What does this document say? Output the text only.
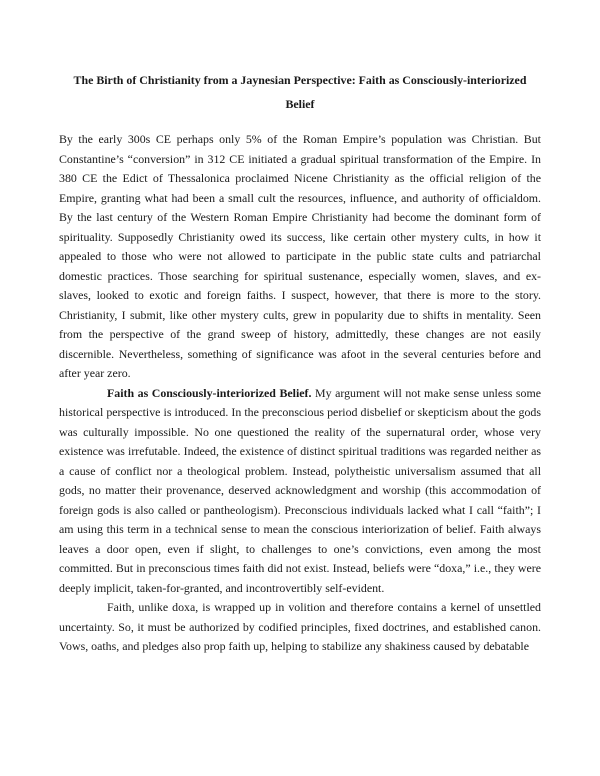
The Birth of Christianity from a Jaynesian Perspective: Faith as Consciously-interiorized Belief

By the early 300s CE perhaps only 5% of the Roman Empire’s population was Christian. But Constantine’s “conversion” in 312 CE initiated a gradual spiritual transformation of the Empire. In 380 CE the Edict of Thessalonica proclaimed Nicene Christianity as the official religion of the Empire, granting what had been a small cult the resources, influence, and authority of officialdom. By the last century of the Western Roman Empire Christianity had become the dominant form of spirituality. Supposedly Christianity owed its success, like certain other mystery cults, in how it appealed to those who were not allowed to participate in the public state cults and patriarchal domestic practices. Those searching for spiritual sustenance, especially women, slaves, and ex-slaves, looked to exotic and foreign faiths. I suspect, however, that there is more to the story. Christianity, I submit, like other mystery cults, grew in popularity due to shifts in mentality. Seen from the perspective of the grand sweep of history, admittedly, these changes are not easily discernible. Nevertheless, something of significance was afoot in the several centuries before and after year zero.

Faith as Consciously-interiorized Belief. My argument will not make sense unless some historical perspective is introduced. In the preconscious period disbelief or skepticism about the gods was culturally impossible. No one questioned the reality of the supernatural order, whose very existence was irrefutable. Indeed, the existence of distinct spiritual traditions was regarded neither as a cause of conflict nor a theological problem. Instead, polytheistic universalism assumed that all gods, no matter their provenance, deserved acknowledgment and worship (this accommodation of foreign gods is also called or pantheologism). Preconscious individuals lacked what I call “faith”; I am using this term in a technical sense to mean the conscious interiorization of belief. Faith always leaves a door open, even if slight, to challenges to one’s convictions, even among the most committed. But in preconscious times faith did not exist. Instead, beliefs were “doxa,” i.e., they were deeply implicit, taken-for-granted, and incontrovertibly self-evident.

Faith, unlike doxa, is wrapped up in volition and therefore contains a kernel of unsettled uncertainty. So, it must be authorized by codified principles, fixed doctrines, and established canon. Vows, oaths, and pledges also prop faith up, helping to stabilize any shakiness caused by debatable
